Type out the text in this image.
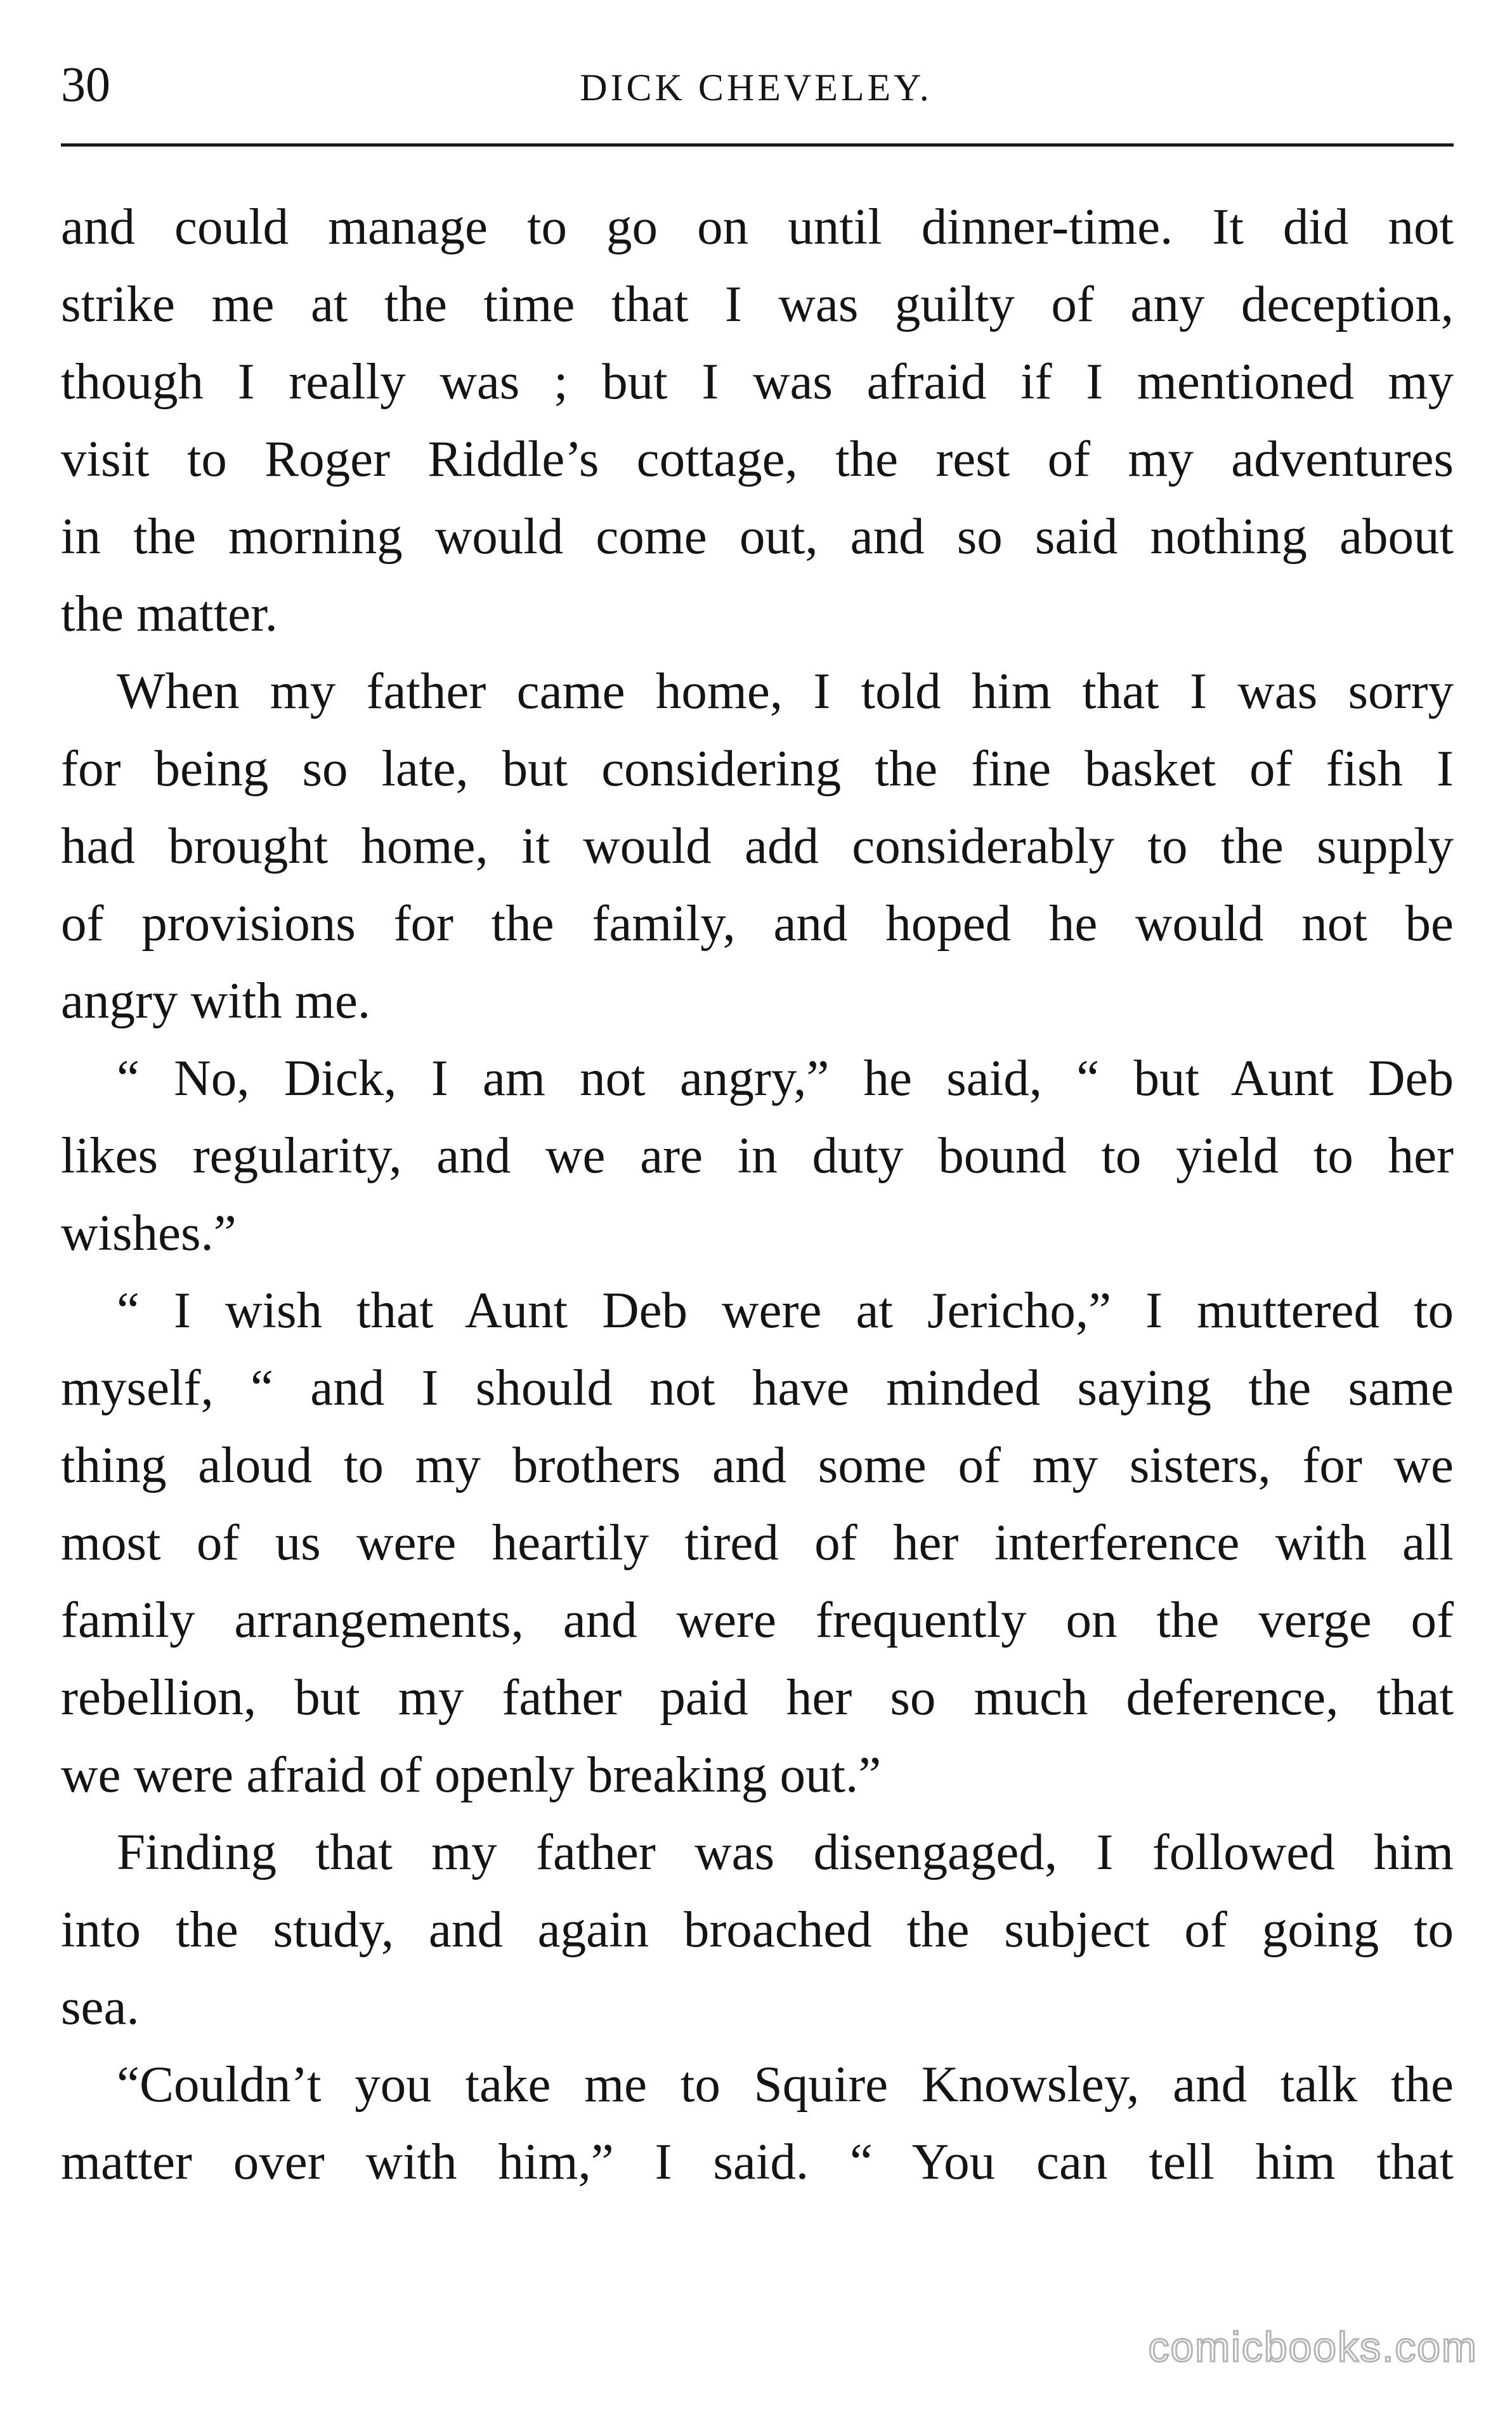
30	DICK CHEVELEY.
and could manage to go on until dinner-time. It did not
strike me at the time that I was guilty of any deception,
though I really was ; but I was afraid if I mentioned my
visit to Roger Riddle’s cottage, the rest of my adventures
in the morning would come out, and so said nothing about
the matter.
When my father came home, I told him that I was sorry
for being so late, but considering the fine basket of fish I
had brought home, it would add considerably to the supply
of provisions for the family, and hoped he would not be
angry with me.
“ No, Dick, I am not angry,” he said, “ but Aunt Deb
likes regularity, and we are in duty bound to yield to her
wishes.”
“ I wish that Aunt Deb were at Jericho,” I muttered to
myself, “ and I should not have minded saying the same
thing aloud to my brothers and some of my sisters, for we
most of us were heartily tired of her interference with all
family arrangements, and were frequently on the verge of
rebellion, but my father paid her so much deference, that
we were afraid of openly breaking out.”
Finding that my father was disengaged, I followed him
into the study, and again broached the subject of going to
sea.
“Couldn’t you take me to Squire Knowsley, and talk the
matter over with him,” I said. “ You can tell him that
comicbooks.com
